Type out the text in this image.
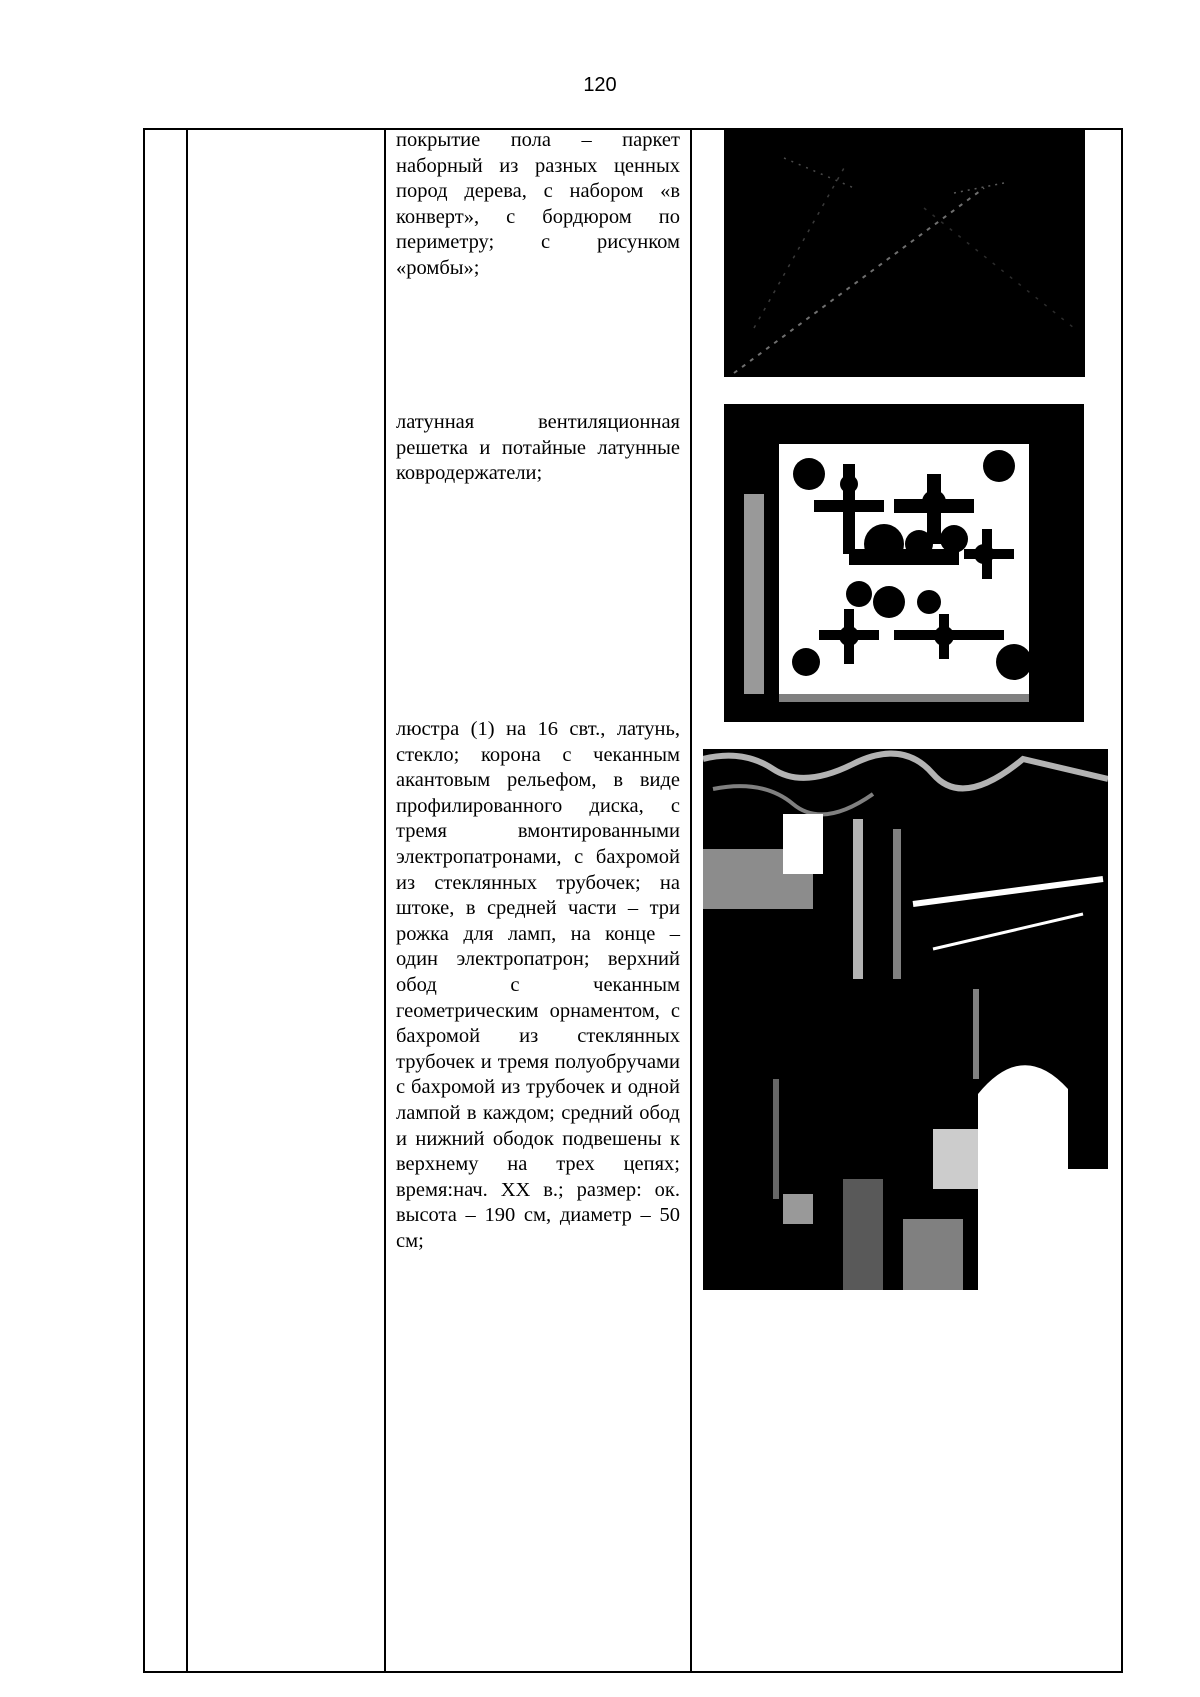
120
покрытие пола – паркет наборный из разных ценных пород дерева, с набором «в конверт», с бордюром по периметру; с рисунком «ромбы»;
латунная вентиляционная решетка и потайные латунные ковродержатели;
люстра (1) на 16 свт., латунь, стекло; корона с чеканным акантовым рельефом, в виде профилированного диска, с тремя вмонтированными электропатронами, с бахромой из стеклянных трубочек; на штоке, в средней части – три рожка для ламп, на конце – один электропатрон; верхний обод с чеканным геометрическим орнаментом, с бахромой из стеклянных трубочек и тремя полуобручами с бахромой из трубочек и одной лампой в каждом; средний обод и нижний ободок подвешены к верхнему на трех цепях; время:нач. XX в.; размер: ок. высота – 190 см, диаметр – 50 см;
